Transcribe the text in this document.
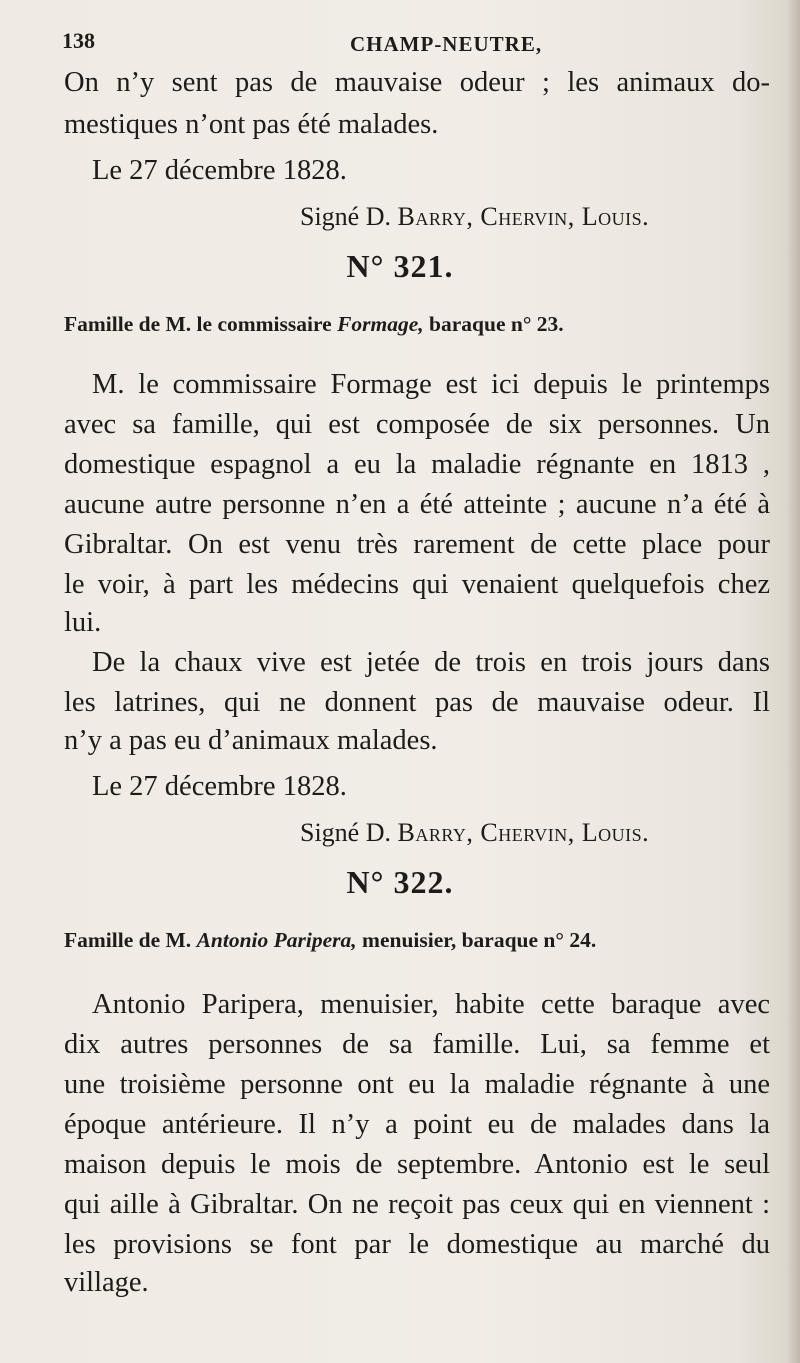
138	CHAMP-NEUTRE,

On n’y sent pas de mauvaise odeur ; les animaux do-

mestiques n’ont pas été malades.

Le 27 décembre 1828.
Signé D. Barry, Chervin, Louis.
N° 321.
Famille de M. le commissaire Formage, baraque n° 23.

M. le commissaire Formage est ici depuis le printemps

avec sa famille, qui est composée de six personnes. Un

domestique espagnol a eu la maladie régnante en 1813 ,

aucune autre personne n’en a été atteinte ; aucune n’a été à

Gibraltar. On est venu très rarement de cette place pour

le voir, à part les médecins qui venaient quelquefois chez

lui.

De la chaux vive est jetée de trois en trois jours dans

les latrines, qui ne donnent pas de mauvaise odeur. Il

n’y a pas eu d’animaux malades.

Le 27 décembre 1828.
Signé D. Barry, Chervin, Louis.
N° 322.
Famille de M. Antonio Paripera, menuisier, baraque n° 24.

Antonio Paripera, menuisier, habite cette baraque avec

dix autres personnes de sa famille. Lui, sa femme et

une troisième personne ont eu la maladie régnante à une

époque antérieure. Il n’y a point eu de malades dans la

maison depuis le mois de septembre. Antonio est le seul

qui aille à Gibraltar. On ne reçoit pas ceux qui en viennent :

les provisions se font par le domestique au marché du

village.
